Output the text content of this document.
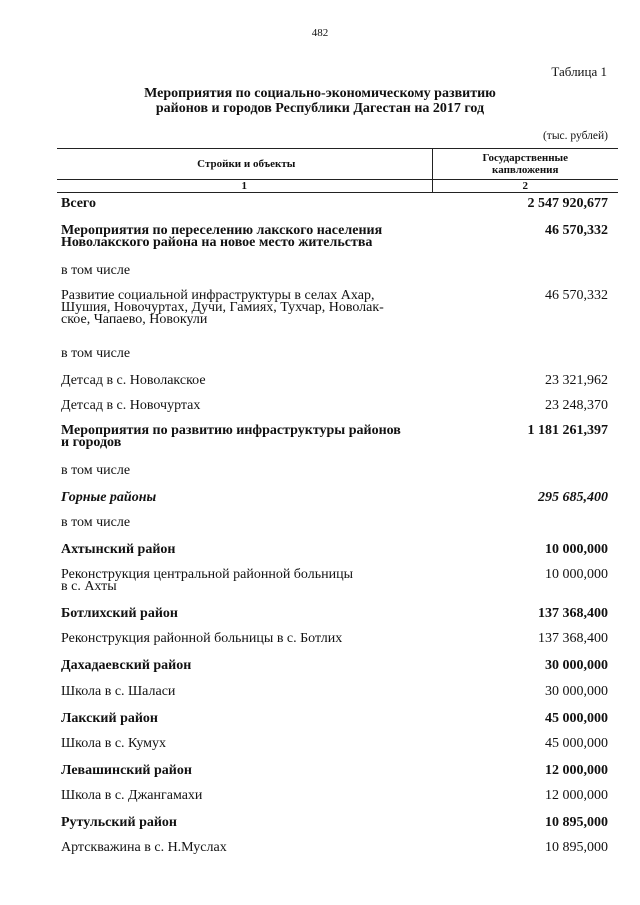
482
Таблица 1
Мероприятия по социально-экономическому развитию
районов и городов Республики Дагестан на 2017 год
(тыс. рублей)
Стройки и объекты	Государственные
капвложения

1	2

Всего	2 547 920,677

Мероприятия по переселению лакского населения
Новолакского района на новое место жительства	46 570,332

в том числе	

Развитие социальной инфраструктуры в селах Ахар,
Шушия, Новочуртах, Дучи, Гамиях, Тухчар, Новолак-
ское, Чапаево, Новокули	46 570,332

в том числе	

Детсад в с. Новолакское	23 321,962

Детсад в с. Новочуртах	23 248,370

Мероприятия по развитию инфраструктуры районов
и городов	1 181 261,397

в том числе	

Горные районы	295 685,400

в том числе	

Ахтынский район	10 000,000

Реконструкция центральной районной больницы
в с. Ахты	10 000,000

Ботлихский район	137 368,400

Реконструкция районной больницы в с. Ботлих	137 368,400

Дахадаевский район	30 000,000

Школа в с. Шаласи	30 000,000

Лакский район	45 000,000

Школа в с. Кумух	45 000,000

Левашинский район	12 000,000

Школа в с. Джангамахи	12 000,000

Рутульский район	10 895,000

Артскважина в с. Н.Муслах	10 895,000
